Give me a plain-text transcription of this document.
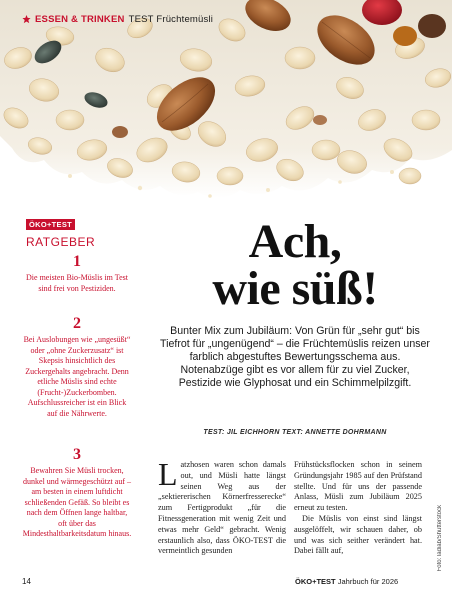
ESSEN & TRINKEN TEST Früchtemüsli
ÖKO+TEST
RATGEBER
1
Die meisten Bio-Müslis im Test sind frei von Pestiziden.
2
Bei Auslobungen wie „ungesüßt“ oder „ohne Zuckerzusatz“ ist Skepsis hinsichtlich des Zuckergehalts angebracht. Denn etliche Müslis sind echte (Frucht-)Zuckerbomben. Aufschlussreicher ist ein Blick auf die Nährwerte.
3
Bewahren Sie Müsli trocken, dunkel und wärmegeschützt auf – am besten in einem luftdicht schließenden Gefäß. So bleibt es nach dem Öffnen lange haltbar, oft über das Mindesthaltbarkeitsdatum hinaus.
Ach,
wie süß!
Bunter Mix zum Jubiläum: Von Grün für „sehr gut“ bis Tiefrot für „ungenügend“ – die Früchtemüslis reizen unser farblich abgestuftes Bewertungsschema aus. Notenabzüge gibt es vor allem für zu viel Zucker, Pestizide wie Glyphosat und ein Schimmelpilzgift.
TEST: JIL EICHHORN TEXT: ANNETTE DOHRMANN

Latzhosen waren schon damals out, und Müsli hatte längst seinen Weg aus der „sektiererischen Körnerfresserecke“ zum Fertigprodukt „für die Fitnessgeneration mit wenig Zeit und etwas mehr Geld“ gebracht. Wenig erstaunlich also, dass ÖKO-TEST die vermeintlich gesunden

Frühstücksflocken schon in seinem Gründungsjahr 1985 auf den Prüfstand stellte. Und für uns der passende Anlass, Müsli zum Jubiläum 2025 erneut zu testen.

Die Müslis von einst sind längst ausgelöffelt, wir schauen daher, ob und was sich seither verändert hat. Dabei fällt auf,	Foto: ladiab/Shutterstock
14	ÖKO+TEST Jahrbuch für 2026
